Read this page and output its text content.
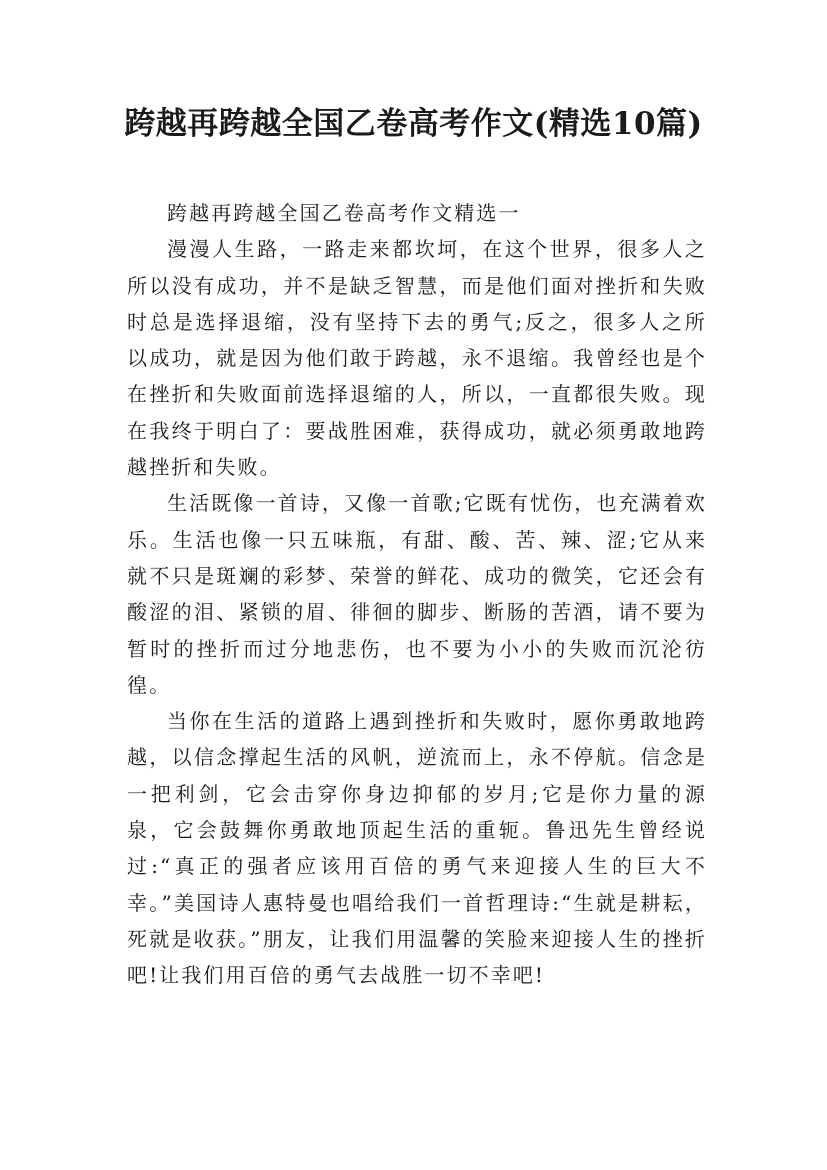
跨越再跨越全国乙卷高考作文(精选10篇)

跨越再跨越全国乙卷高考作文精选一

漫漫人生路，一路走来都坎坷，在这个世界，很多人之所以没有成功，并不是缺乏智慧，而是他们面对挫折和失败时总是选择退缩，没有坚持下去的勇气;反之，很多人之所以成功，就是因为他们敢于跨越，永不退缩。我曾经也是个在挫折和失败面前选择退缩的人，所以，一直都很失败。现在我终于明白了：要战胜困难，获得成功，就必须勇敢地跨越挫折和失败。

生活既像一首诗，又像一首歌;它既有忧伤，也充满着欢乐。生活也像一只五味瓶，有甜、酸、苦、辣、涩;它从来就不只是斑斓的彩梦、荣誉的鲜花、成功的微笑，它还会有酸涩的泪、紧锁的眉、徘徊的脚步、断肠的苦酒，请不要为暂时的挫折而过分地悲伤，也不要为小小的失败而沉沦彷徨。

当你在生活的道路上遇到挫折和失败时，愿你勇敢地跨越，以信念撑起生活的风帆，逆流而上，永不停航。信念是一把利剑，它会击穿你身边抑郁的岁月;它是你力量的源泉，它会鼓舞你勇敢地顶起生活的重轭。鲁迅先生曾经说过:“真正的强者应该用百倍的勇气来迎接人生的巨大不幸。”美国诗人惠特曼也唱给我们一首哲理诗:“生就是耕耘，死就是收获。”朋友，让我们用温馨的笑脸来迎接人生的挫折吧!让我们用百倍的勇气去战胜一切不幸吧!
